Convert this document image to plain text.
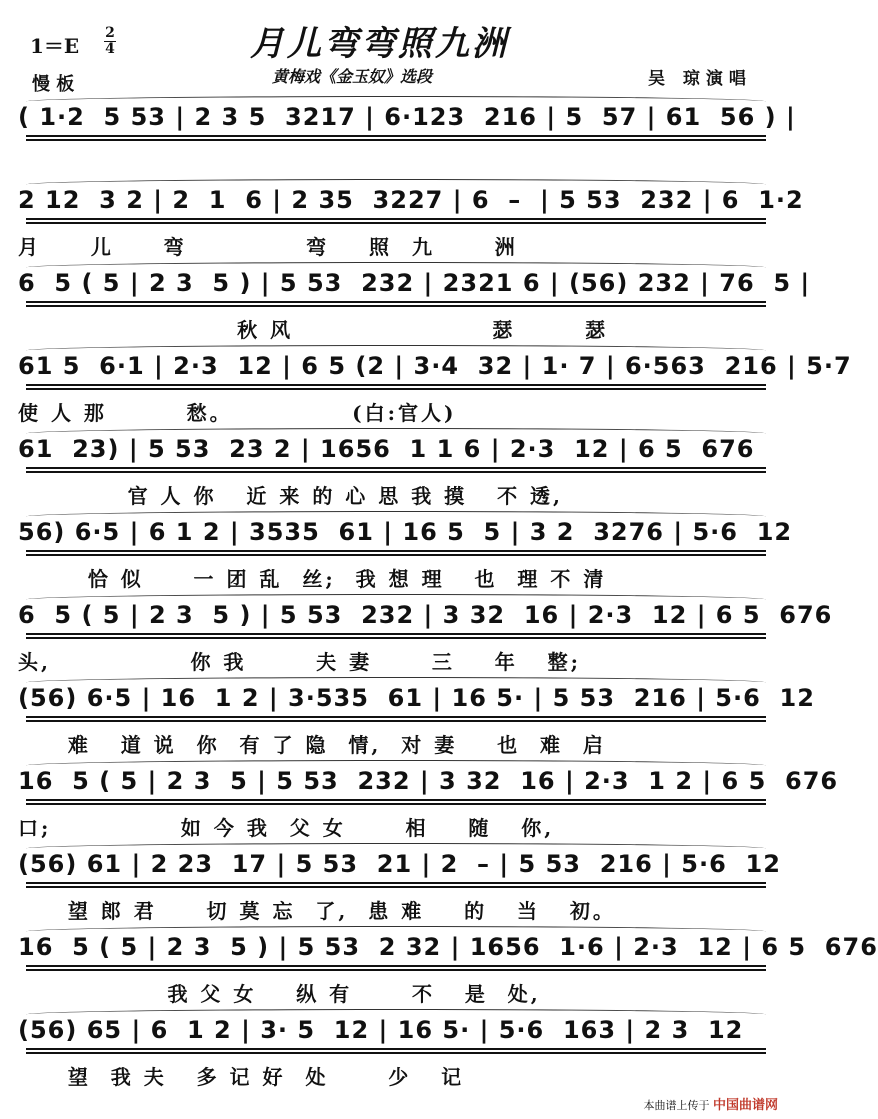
1＝E
2
4
慢 板
月儿弯弯照九洲
黄梅戏《金玉奴》选段	吴 琼演唱
( 1·2  5 53 | 2 3 5  3217 | 6·123  216 | 5  57 | 61  56 ) |
2 12  3 2 | 2  1  6 | 2 35  3227 | 6  –  | 5 53  232 | 6  1·2
月     儿     弯            弯    照  九      洲
6  5 ( 5 | 2 3  5 ) | 5 53  232 | 2321 6 | (56) 232 | 76  5 |
秋 风                    瑟       瑟
61 5  6·1 | 2·3  12 | 6 5 (2 | 3·4  32 | 1· 7 | 6·563  216 | 5·7
使 人 那        愁。            (白:官人)
61  23) | 5 53  23 2 | 1656  1 1 6 | 2·3  12 | 6 5  676
官 人 你   近 来 的 心 思 我 摸   不 透,
56) 6·5 | 6 1 2 | 3535  61 | 16 5  5 | 3 2  3276 | 5·6  12
恰 似     一 团 乱  丝;  我 想 理   也  理 不 清
6  5 ( 5 | 2 3  5 ) | 5 53  232 | 3 32  16 | 2·3  12 | 6 5  676
头,              你 我       夫 妻      三    年   整;
(56) 6·5 | 16  1 2 | 3·535  61 | 16 5· | 5 53  216 | 5·6  12
难   道 说  你  有 了 隐  情,  对 妻    也  难  启
16  5 ( 5 | 2 3  5 | 5 53  232 | 3 32  16 | 2·3  1 2 | 6 5  676
口;             如 今 我  父 女      相    随   你,
(56) 61 | 2 23  17 | 5 53  21 | 2  – | 5 53  216 | 5·6  12
望 郎 君     切 莫 忘  了,  患 难    的   当   初。
16  5 ( 5 | 2 3  5 ) | 5 53  2 32 | 1656  1·6 | 2·3  12 | 6 5  676
我 父 女    纵 有      不   是  处,
(56) 65 | 6  1 2 | 3· 5  12 | 16 5· | 5·6  163 | 2 3  12
望  我 夫   多 记 好  处      少   记
本曲谱上传于 中国曲谱网
